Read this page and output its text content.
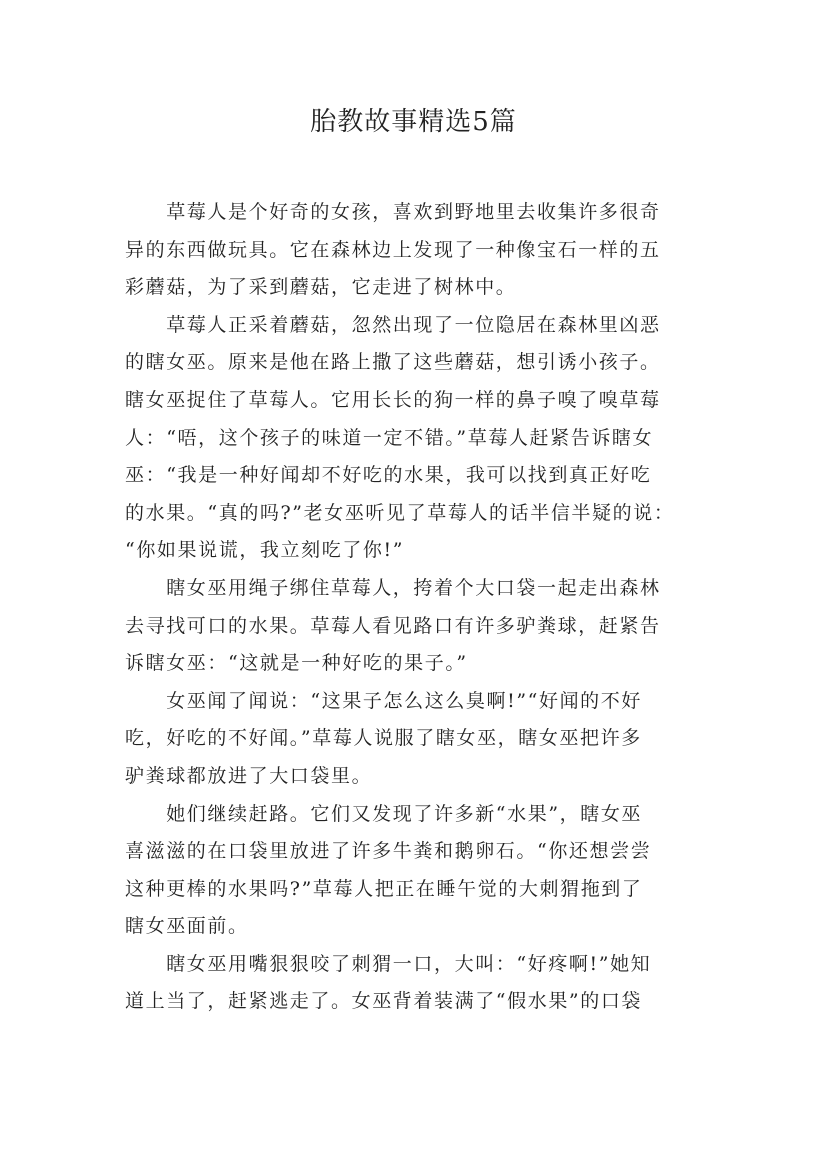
胎教故事精选5篇
　　草莓人是个好奇的女孩，喜欢到野地里去收集许多很奇
异的东西做玩具。它在森林边上发现了一种像宝石一样的五
彩蘑菇，为了采到蘑菇，它走进了树林中。
　　草莓人正采着蘑菇，忽然出现了一位隐居在森林里凶恶
的瞎女巫。原来是他在路上撒了这些蘑菇，想引诱小孩子。
瞎女巫捉住了草莓人。它用长长的狗一样的鼻子嗅了嗅草莓
人：“唔，这个孩子的味道一定不错。”草莓人赶紧告诉瞎女
巫：“我是一种好闻却不好吃的水果，我可以找到真正好吃
的水果。“真的吗?”老女巫听见了草莓人的话半信半疑的说：
“你如果说谎，我立刻吃了你!”
　　瞎女巫用绳子绑住草莓人，挎着个大口袋一起走出森林
去寻找可口的水果。草莓人看见路口有许多驴粪球，赶紧告
诉瞎女巫：“这就是一种好吃的果子。”
　　女巫闻了闻说：“这果子怎么这么臭啊!”“好闻的不好
吃，好吃的不好闻。”草莓人说服了瞎女巫，瞎女巫把许多
驴粪球都放进了大口袋里。
　　她们继续赶路。它们又发现了许多新“水果”，瞎女巫
喜滋滋的在口袋里放进了许多牛粪和鹅卵石。“你还想尝尝
这种更棒的水果吗?”草莓人把正在睡午觉的大刺猬拖到了
瞎女巫面前。
　　瞎女巫用嘴狠狠咬了刺猬一口，大叫：“好疼啊!”她知
道上当了，赶紧逃走了。女巫背着装满了“假水果”的口袋
